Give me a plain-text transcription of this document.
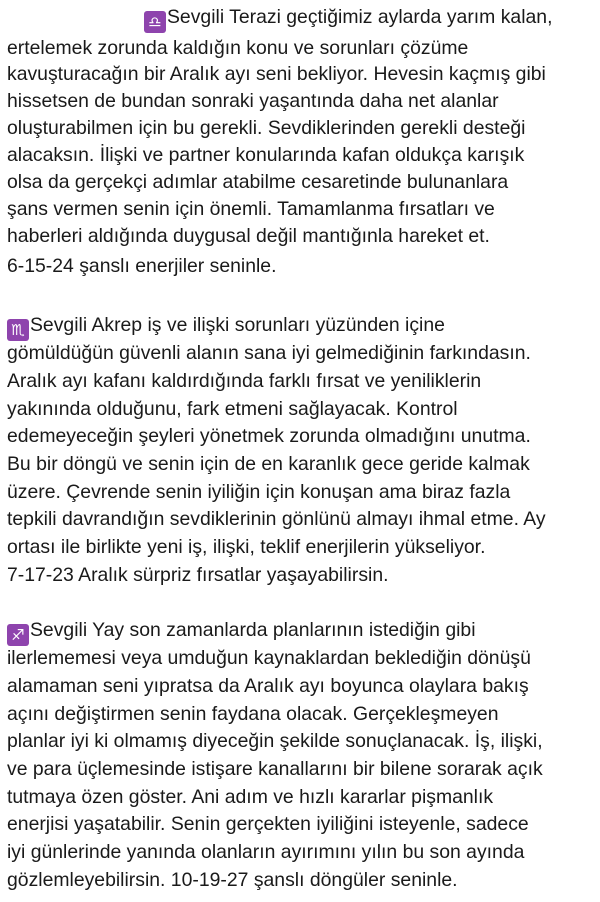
♎ Sevgili Terazi geçtiğimiz aylarda yarım kalan,
ertelemek zorunda kaldığın konu ve sorunları çözüme
kavuşturacağın bir Aralık ayı seni bekliyor. Hevesin kaçmış gibi
hissetsen de bundan sonraki yaşantında daha net alanlar
oluşturabilmen için bu gerekli. Sevdiklerinden gerekli desteği
alacaksın. İlişki ve partner konularında kafan oldukça karışık
olsa da gerçekçi adımlar atabilme cesaretinde bulunanlara
şans vermen senin için önemli. Tamamlanma fırsatları ve
haberleri aldığında duygusal değil mantığınla hareket et.
6-15-24 şanslı enerjiler seninle.
♏ Sevgili Akrep iş ve ilişki sorunları yüzünden içine
gömüldüğün güvenli alanın sana iyi gelmediğinin farkındasın.
Aralık ayı kafanı kaldırdığında farklı fırsat ve yeniliklerin
yakınında olduğunu, fark etmeni sağlayacak. Kontrol
edemeyeceğin şeyleri yönetmek zorunda olmadığını unutma.
Bu bir döngü ve senin için de en karanlık gece geride kalmak
üzere. Çevrende senin iyiliğin için konuşan ama biraz fazla
tepkili davrandığın sevdiklerinin gönlünü almayı ihmal etme. Ay
ortası ile birlikte yeni iş, ilişki, teklif enerjilerin yükseliyor.
7-17-23 Aralık sürpriz fırsatlar yaşayabilirsin.
♐ Sevgili Yay son zamanlarda planlarının istediğin gibi
ilerlememesi veya umduğun kaynaklardan beklediğin dönüşü
alamaman seni yıpratsa da Aralık ayı boyunca olaylara bakış
açını değiştirmen senin faydana olacak. Gerçekleşmeyen
planlar iyi ki olmamış diyeceğin şekilde sonuçlanacak. İş, ilişki,
ve para üçlemesinde istişare kanallarını bir bilene sorarak açık
tutmaya özen göster. Ani adım ve hızlı kararlar pişmanlık
enerjisi yaşatabilir. Senin gerçekten iyiliğini isteyenle, sadece
iyi günlerinde yanında olanların ayırımını yılın bu son ayında
gözlemleyebilirsin. 10-19-27 şanslı döngüler seninle.
